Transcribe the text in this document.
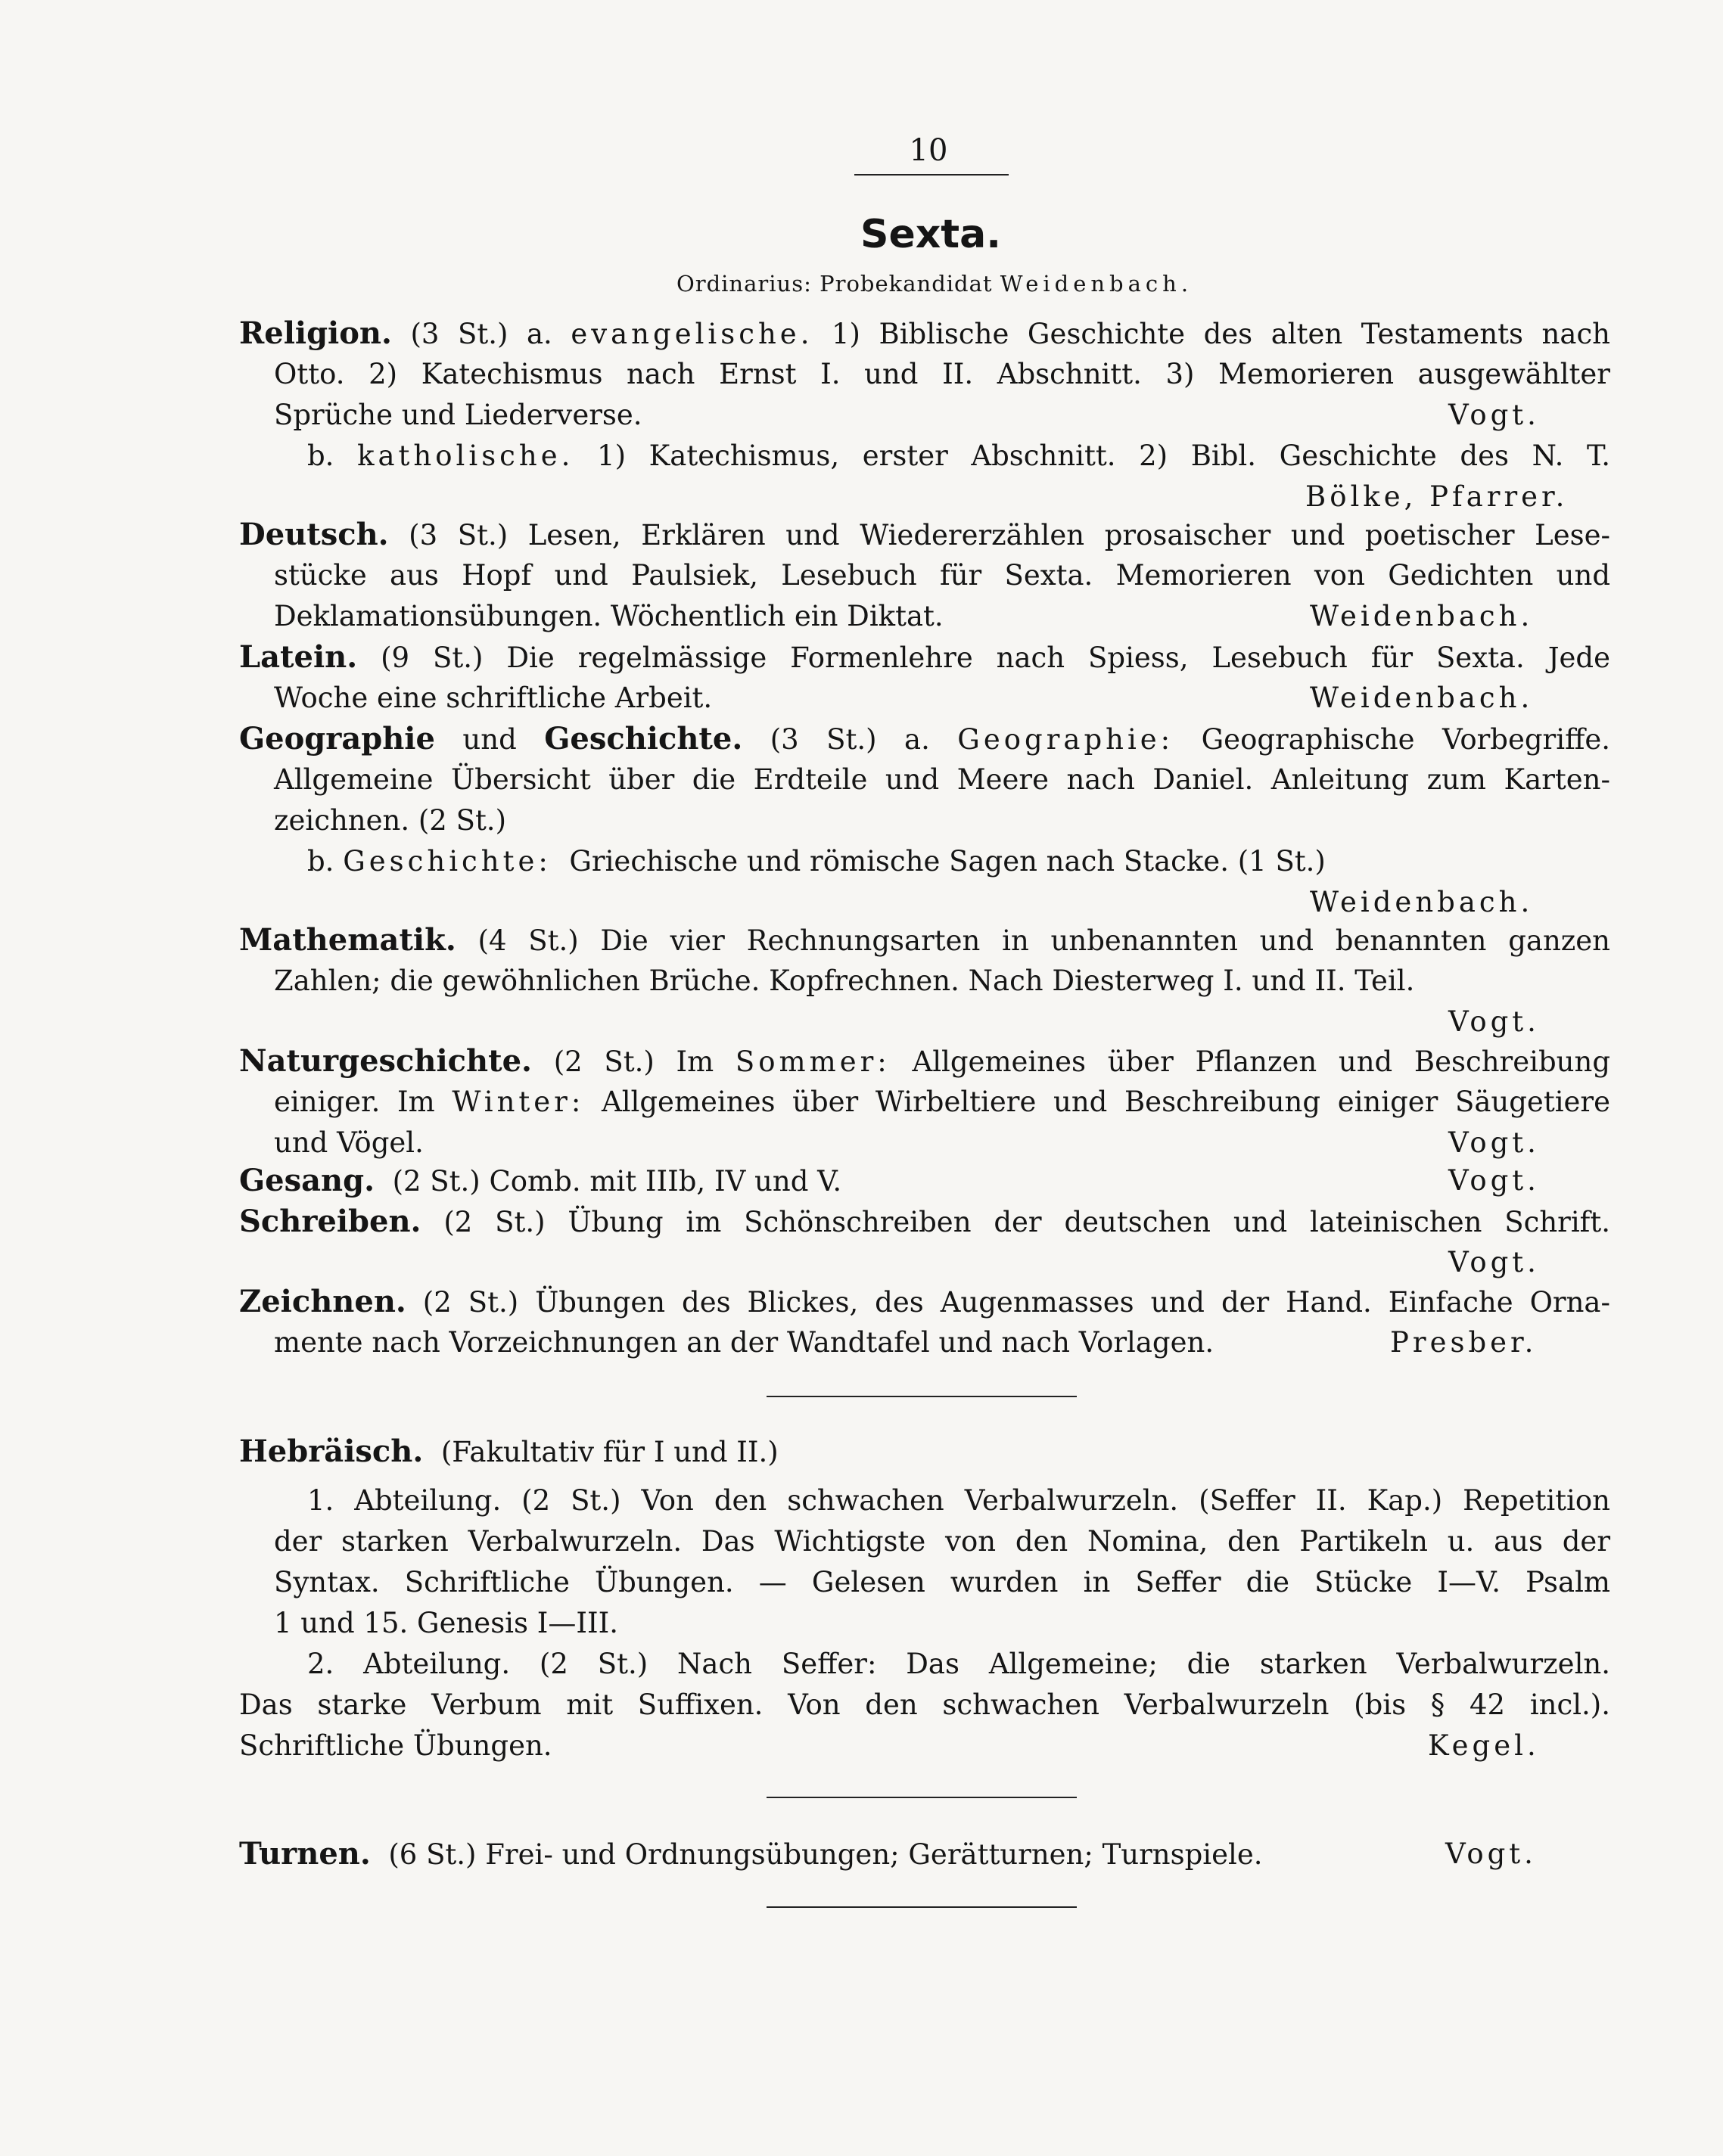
10
Sexta.
Ordinarius: Probekandidat Weidenbach.
Religion. (3 St.) a. evangelische. 1) Biblische Geschichte des alten Testaments nach
Otto. 2) Katechismus nach Ernst I. und II. Abschnitt. 3) Memorieren ausgewählter
Sprüche und Liederverse.	Vogt.
b. katholische. 1) Katechismus, erster Abschnitt. 2) Bibl. Geschichte des N. T.
Bölke, Pfarrer.
Deutsch. (3 St.) Lesen, Erklären und Wiedererzählen prosaischer und poetischer Lese-
stücke aus Hopf und Paulsiek, Lesebuch für Sexta. Memorieren von Gedichten und
Deklamationsübungen. Wöchentlich ein Diktat.	Weidenbach.
Latein. (9 St.) Die regelmässige Formenlehre nach Spiess, Lesebuch für Sexta. Jede
Woche eine schriftliche Arbeit.	Weidenbach.
Geographie und Geschichte. (3 St.) a. Geographie: Geographische Vorbegriffe.
Allgemeine Übersicht über die Erdteile und Meere nach Daniel. Anleitung zum Karten-
zeichnen. (2 St.)
b. Geschichte: Griechische und römische Sagen nach Stacke. (1 St.)
Weidenbach.
Mathematik. (4 St.) Die vier Rechnungsarten in unbenannten und benannten ganzen
Zahlen; die gewöhnlichen Brüche. Kopfrechnen. Nach Diesterweg I. und II. Teil.
Vogt.
Naturgeschichte. (2 St.) Im Sommer: Allgemeines über Pflanzen und Beschreibung
einiger. Im Winter: Allgemeines über Wirbeltiere und Beschreibung einiger Säugetiere
und Vögel.	Vogt.
Gesang. (2 St.) Comb. mit IIIb, IV und V.	Vogt.
Schreiben. (2 St.) Übung im Schönschreiben der deutschen und lateinischen Schrift.
Vogt.
Zeichnen. (2 St.) Übungen des Blickes, des Augenmasses und der Hand. Einfache Orna-
mente nach Vorzeichnungen an der Wandtafel und nach Vorlagen.	Presber.
Hebräisch. (Fakultativ für I und II.)
1. Abteilung. (2 St.) Von den schwachen Verbalwurzeln. (Seffer II. Kap.) Repetition
der starken Verbalwurzeln. Das Wichtigste von den Nomina, den Partikeln u. aus der
Syntax. Schriftliche Übungen. — Gelesen wurden in Seffer die Stücke I—V. Psalm
1 und 15. Genesis I—III.
2. Abteilung. (2 St.) Nach Seffer: Das Allgemeine; die starken Verbalwurzeln.
Das starke Verbum mit Suffixen. Von den schwachen Verbalwurzeln (bis § 42 incl.).
Schriftliche Übungen.	Kegel.
Turnen. (6 St.) Frei- und Ordnungsübungen; Gerätturnen; Turnspiele.	Vogt.
